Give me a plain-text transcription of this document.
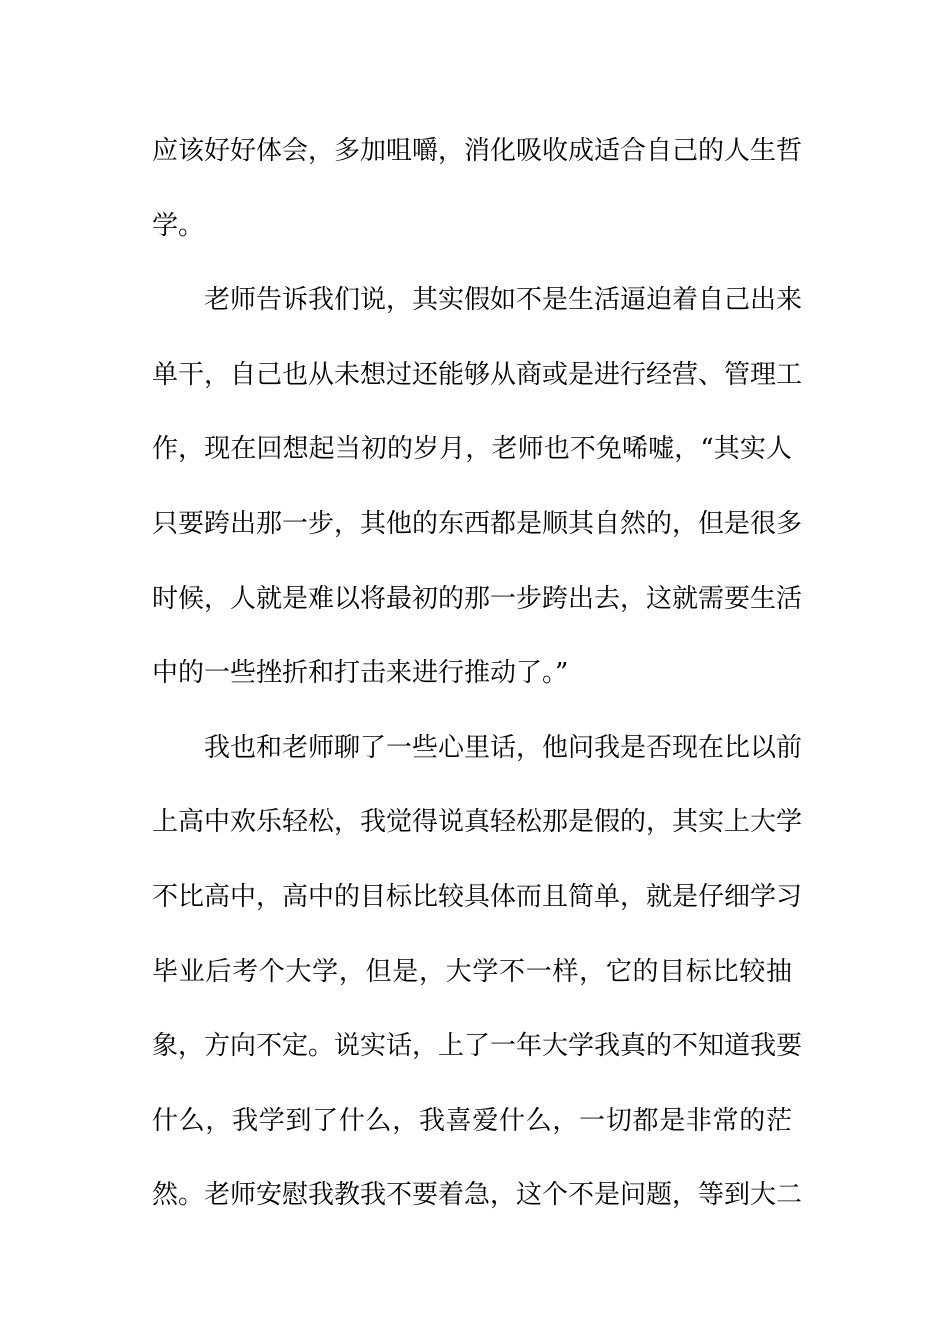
应该好好体会，多加咀嚼，消化吸收成适合自己的人生哲
学。
老师告诉我们说，其实假如不是生活逼迫着自己出来
单干，自己也从未想过还能够从商或是进行经营、管理工
作，现在回想起当初的岁月，老师也不免唏嘘，“其实人
只要跨出那一步，其他的东西都是顺其自然的，但是很多
时候，人就是难以将最初的那一步跨出去，这就需要生活
中的一些挫折和打击来进行推动了。”
我也和老师聊了一些心里话，他问我是否现在比以前
上高中欢乐轻松，我觉得说真轻松那是假的，其实上大学
不比高中，高中的目标比较具体而且简单，就是仔细学习
毕业后考个大学，但是，大学不一样，它的目标比较抽
象，方向不定。说实话，上了一年大学我真的不知道我要
什么，我学到了什么，我喜爱什么，一切都是非常的茫
然。老师安慰我教我不要着急，这个不是问题，等到大二
